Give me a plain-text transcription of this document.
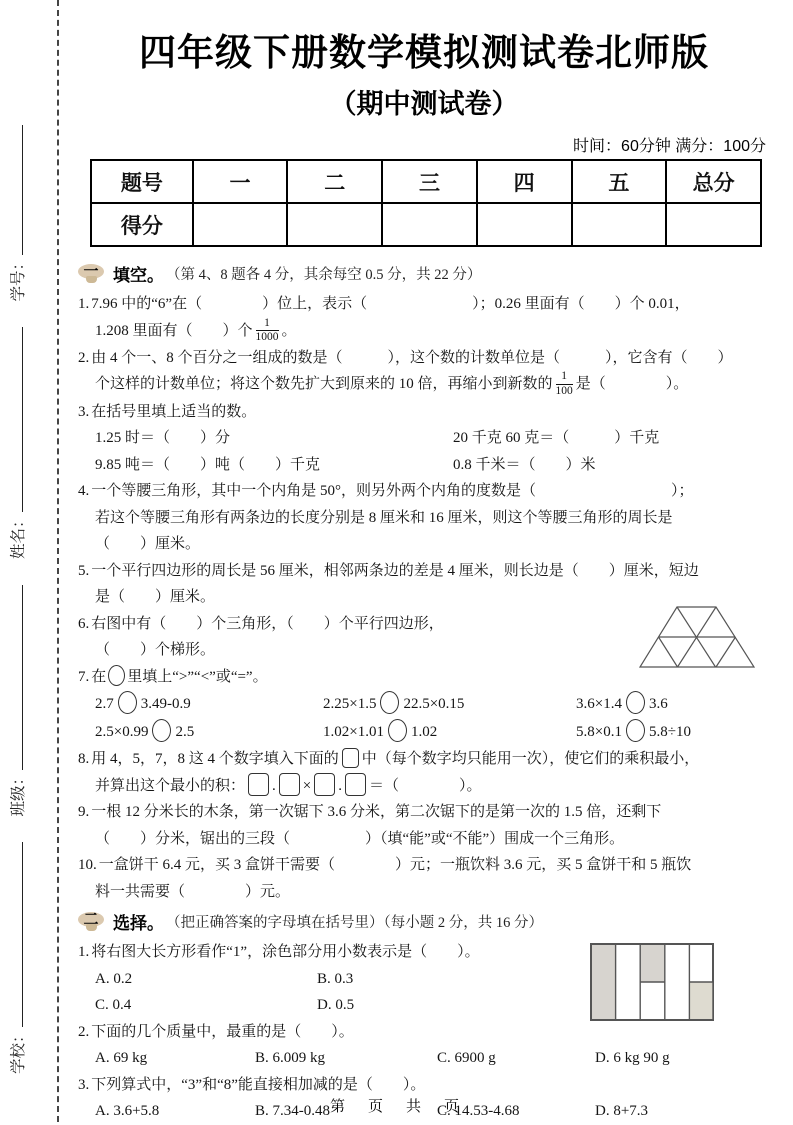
学校：班级：姓名：学号：
四年级下册数学模拟测试卷北师版
（期中测试卷）
时间：60分钟 满分：100分
题号	一	二	三	四	五	总分
得分						
一 填空。 （第 4、8 题各 4 分，其余每空 0.5 分，共 22 分）
1. 7.96 中的“6”在（　　　　）位上，表示（　　　　　　　）；0.26 里面有（　　）个 0.01，
1.208 里面有（　　）个 $\frac{1}{1000}$ 。
2. 由 4 个一、8 个百分之一组成的数是（　　　），这个数的计数单位是（　　　），它含有（　　）
个这样的计数单位；将这个数先扩大到原来的 10 倍，再缩小到新数的 $\frac{1}{100}$ 是（　　　　）。
3. 在括号里填上适当的数。
1.25 时＝（　　）分	20 千克 60 克＝（　　　）千克
9.85 吨＝（　　）吨（　　）千克	0.8 千米＝（　　）米
4. 一个等腰三角形，其中一个内角是 50°，则另外两个内角的度数是（　　　　　　　　　）；
若这个等腰三角形有两条边的长度分别是 8 厘米和 16 厘米，则这个等腰三角形的周长是
（　　）厘米。
5. 一个平行四边形的周长是 56 厘米，相邻两条边的差是 4 厘米，则长边是（　　）厘米，短边
是（　　）厘米。
6. 右图中有（　　）个三角形，（　　）个平行四边形，
（　　）个梯形。
7. 在 里填上“>”“<”或“=”。
2.7 3.49-0.9	2.25×1.5 22.5×0.15	3.6×1.4 3.6
2.5×0.99 2.5	1.02×1.01 1.02	5.8×0.1 5.8÷10
8. 用 4，5，7，8 这 4 个数字填入下面的 中（每个数字均只能用一次），使它们的乘积最小，
并算出这个最小的积： . × . ＝（　　　　）。
9. 一根 12 分米长的木条，第一次锯下 3.6 分米，第二次锯下的是第一次的 1.5 倍，还剩下
（　　）分米，锯出的三段（　　　　　）（填“能”或“不能”）围成一个三角形。
10. 一盒饼干 6.4 元，买 3 盒饼干需要（　　　　）元；一瓶饮料 3.6 元，买 5 盒饼干和 5 瓶饮
料一共需要（　　　　）元。
二 选择。 （把正确答案的字母填在括号里）（每小题 2 分，共 16 分）
1. 将右图大长方形看作“1”，涂色部分用小数表示是（　　）。
A. 0.2	B. 0.3
C. 0.4	D. 0.5
2. 下面的几个质量中，最重的是（　　）。
A. 69 kg	B. 6.009 kg	C. 6900 g	D. 6 kg 90 g
3. 下列算式中，“3”和“8”能直接相加减的是（　　）。
A. 3.6+5.8	B. 7.34-0.48	C. 14.53-4.68	D. 8+7.3
第　页　共　页
